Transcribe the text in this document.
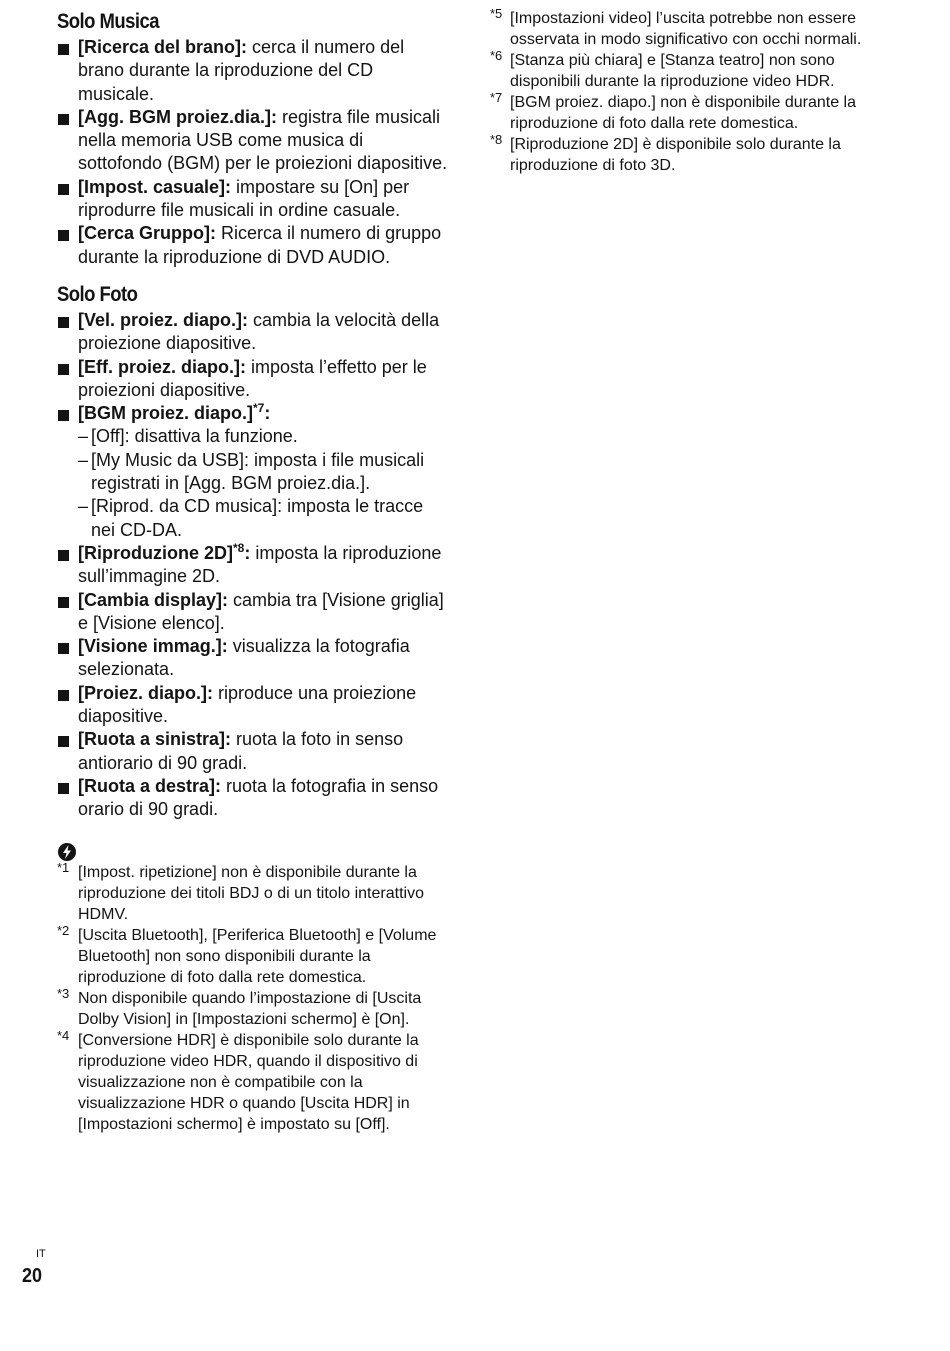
Solo Musica
[Ricerca del brano]: cerca il numero del brano durante la riproduzione del CD musicale.
[Agg. BGM proiez.dia.]: registra file musicali nella memoria USB come musica di sottofondo (BGM) per le proiezioni diapositive.
[Impost. casuale]: impostare su [On] per riprodurre file musicali in ordine casuale.
[Cerca Gruppo]: Ricerca il numero di gruppo durante la riproduzione di DVD AUDIO.
Solo Foto
[Vel. proiez. diapo.]: cambia la velocità della proiezione diapositive.
[Eff. proiez. diapo.]: imposta l’effetto per le proiezioni diapositive.
[BGM proiez. diapo.]$^{*7}$:
– [Off]: disattiva la funzione.
– [My Music da USB]: imposta i file musicali registrati in [Agg. BGM proiez.dia.].
– [Riprod. da CD musica]: imposta le tracce nei CD-DA.
[Riproduzione 2D]$^{*8}$: imposta la riproduzione sull’immagine 2D.
[Cambia display]: cambia tra [Visione griglia] e [Visione elenco].
[Visione immag.]: visualizza la fotografia selezionata.
[Proiez. diapo.]: riproduce una proiezione diapositive.
[Ruota a sinistra]: ruota la foto in senso antiorario di 90 gradi.
[Ruota a destra]: ruota la fotografia in senso orario di 90 gradi.
*1 [Impost. ripetizione] non è disponibile durante la riproduzione dei titoli BDJ o di un titolo interattivo HDMV.
*2 [Uscita Bluetooth], [Periferica Bluetooth] e [Volume Bluetooth] non sono disponibili durante la riproduzione di foto dalla rete domestica.
*3 Non disponibile quando l’impostazione di [Uscita Dolby Vision] in [Impostazioni schermo] è [On].
*4 [Conversione HDR] è disponibile solo durante la riproduzione video HDR, quando il dispositivo di visualizzazione non è compatibile con la visualizzazione HDR o quando [Uscita HDR] in [Impostazioni schermo] è impostato su [Off].
*5 [Impostazioni video] l’uscita potrebbe non essere osservata in modo significativo con occhi normali.
*6 [Stanza più chiara] e [Stanza teatro] non sono disponibili durante la riproduzione video HDR.
*7 [BGM proiez. diapo.] non è disponibile durante la riproduzione di foto dalla rete domestica.
*8 [Riproduzione 2D] è disponibile solo durante la riproduzione di foto 3D.
IT
20
